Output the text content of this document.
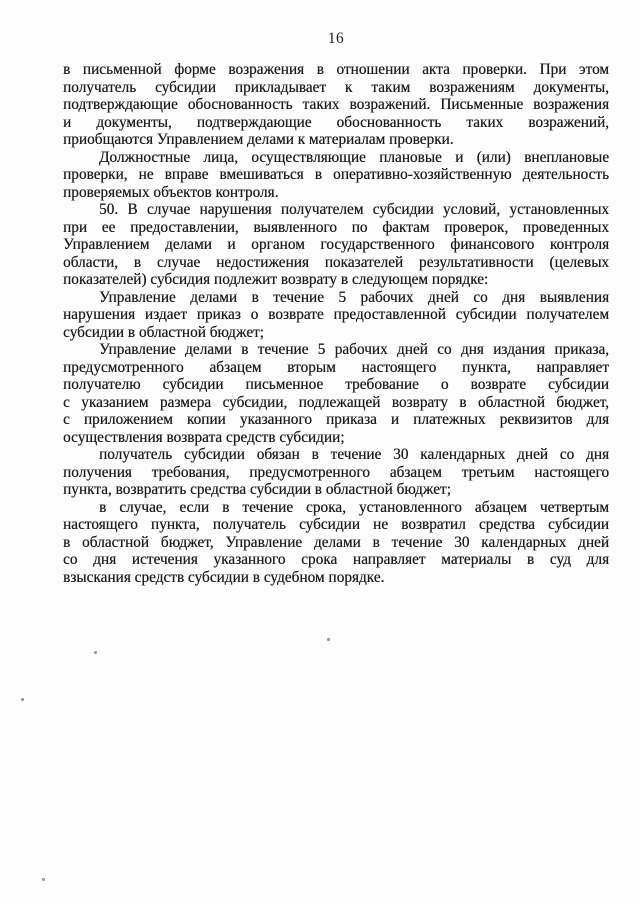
16
в письменной форме возражения в отношении акта проверки. При этом
получатель субсидии прикладывает к таким возражениям документы,
подтверждающие обоснованность таких возражений. Письменные возражения
и документы, подтверждающие обоснованность таких возражений,
приобщаются Управлением делами к материалам проверки.
Должностные лица, осуществляющие плановые и (или) внеплановые
проверки, не вправе вмешиваться в оперативно-хозяйственную деятельность
проверяемых объектов контроля.
50. В случае нарушения получателем субсидии условий, установленных
при ее предоставлении, выявленного по фактам проверок, проведенных
Управлением делами и органом государственного финансового контроля
области, в случае недостижения показателей результативности (целевых
показателей) субсидия подлежит возврату в следующем порядке:
Управление делами в течение 5 рабочих дней со дня выявления
нарушения издает приказ о возврате предоставленной субсидии получателем
субсидии в областной бюджет;
Управление делами в течение 5 рабочих дней со дня издания приказа,
предусмотренного абзацем вторым настоящего пункта, направляет
получателю субсидии письменное требование о возврате субсидии
с указанием размера субсидии, подлежащей возврату в областной бюджет,
с приложением копии указанного приказа и платежных реквизитов для
осуществления возврата средств субсидии;
получатель субсидии обязан в течение 30 календарных дней со дня
получения требования, предусмотренного абзацем третьим настоящего
пункта, возвратить средства субсидии в областной бюджет;
в случае, если в течение срока, установленного абзацем четвертым
настоящего пункта, получатель субсидии не возвратил средства субсидии
в областной бюджет, Управление делами в течение 30 календарных дней
со дня истечения указанного срока направляет материалы в суд для
взыскания средств субсидии в судебном порядке.
